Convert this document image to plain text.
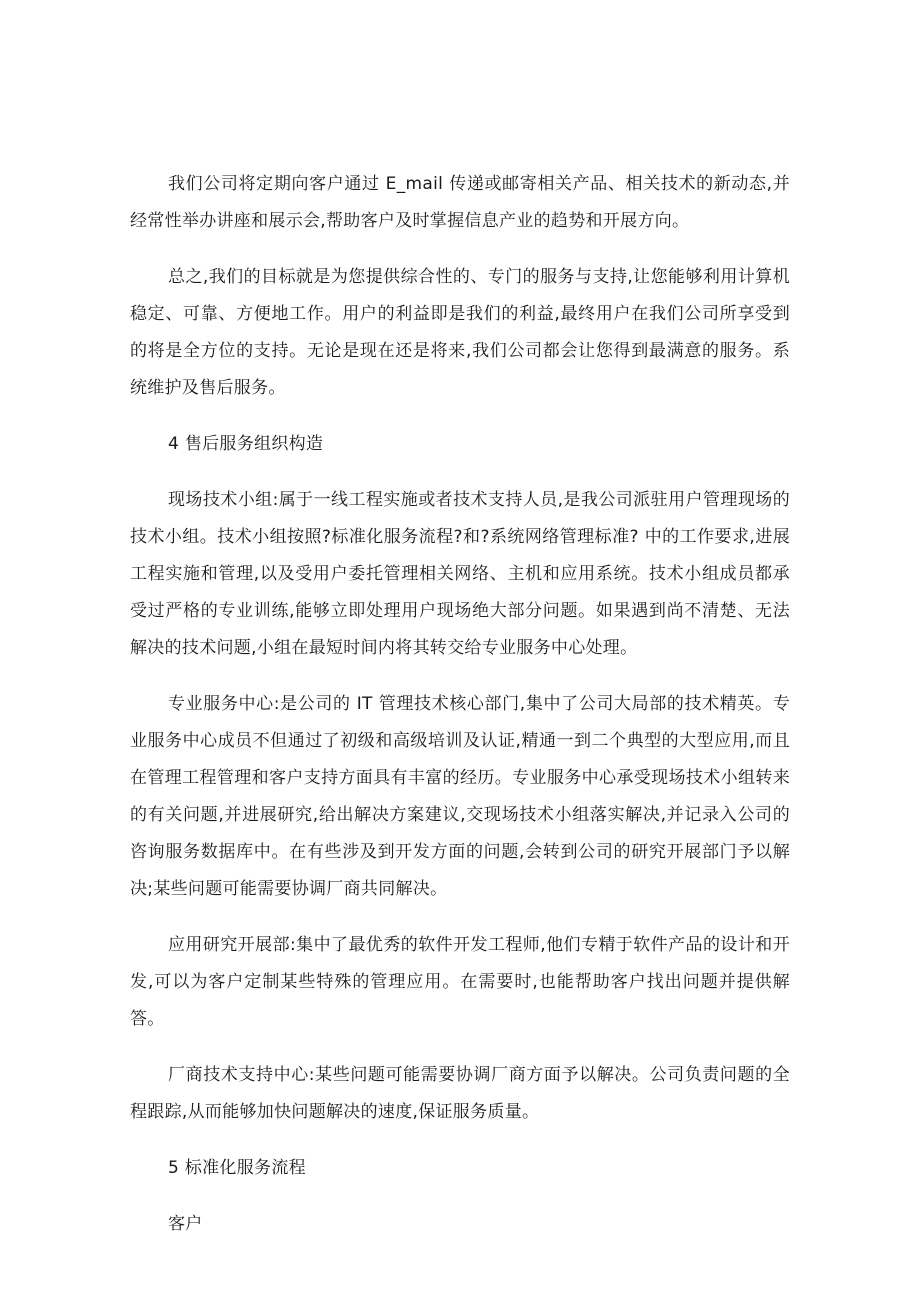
我们公司将定期向客户通过 E_mail 传递或邮寄相关产品、相关技术的新动态,并经常性举办讲座和展示会,帮助客户及时掌握信息产业的趋势和开展方向。

总之,我们的目标就是为您提供综合性的、专门的服务与支持,让您能够利用计算机稳定、可靠、方便地工作。用户的利益即是我们的利益,最终用户在我们公司所享受到的将是全方位的支持。无论是现在还是将来,我们公司都会让您得到最满意的服务。系统维护及售后服务。

4 售后服务组织构造

现场技术小组:属于一线工程实施或者技术支持人员,是我公司派驻用户管理现场的技术小组。技术小组按照?标准化服务流程?和?系统网络管理标准? 中的工作要求,进展工程实施和管理,以及受用户委托管理相关网络、主机和应用系统。技术小组成员都承受过严格的专业训练,能够立即处理用户现场绝大部分问题。如果遇到尚不清楚、无法解决的技术问题,小组在最短时间内将其转交给专业服务中心处理。

专业服务中心:是公司的 IT 管理技术核心部门,集中了公司大局部的技术精英。专业服务中心成员不但通过了初级和高级培训及认证,精通一到二个典型的大型应用,而且在管理工程管理和客户支持方面具有丰富的经历。专业服务中心承受现场技术小组转来的有关问题,并进展研究,给出解决方案建议,交现场技术小组落实解决,并记录入公司的咨询服务数据库中。在有些涉及到开发方面的问题,会转到公司的研究开展部门予以解决;某些问题可能需要协调厂商共同解决。

应用研究开展部:集中了最优秀的软件开发工程师,他们专精于软件产品的设计和开发,可以为客户定制某些特殊的管理应用。在需要时,也能帮助客户找出问题并提供解答。

厂商技术支持中心:某些问题可能需要协调厂商方面予以解决。公司负责问题的全程跟踪,从而能够加快问题解决的速度,保证服务质量。

5 标准化服务流程

客户
